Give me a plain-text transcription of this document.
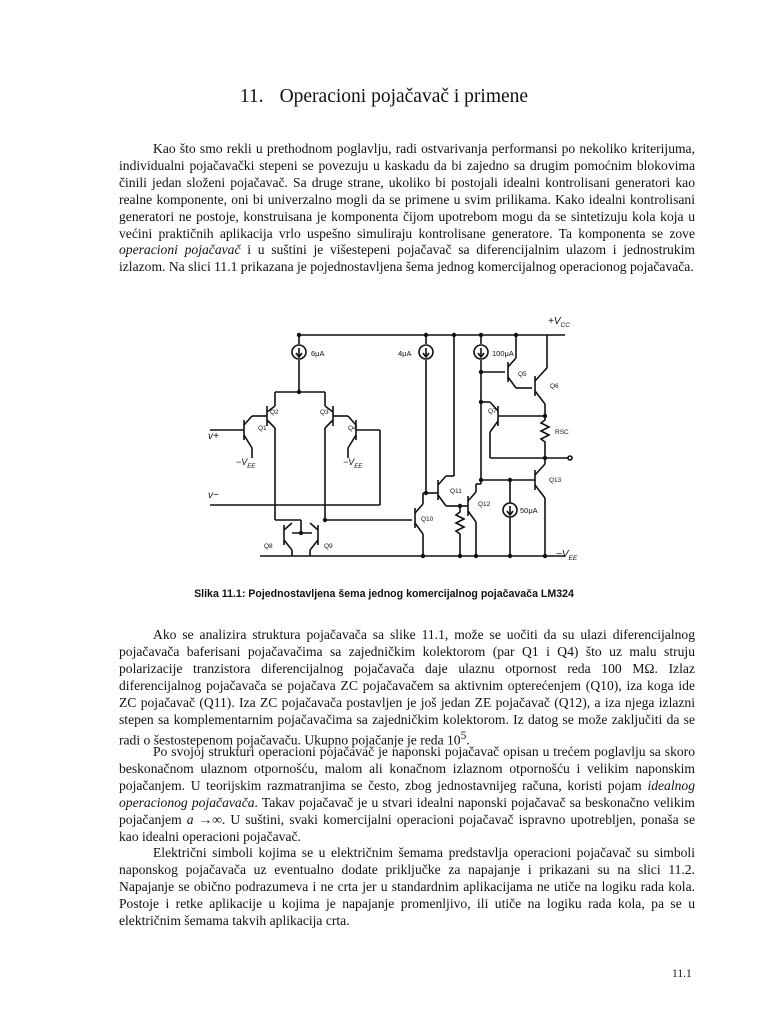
11. Operacioni pojačavač i primene

Kao što smo rekli u prethodnom poglavlju, radi ostvarivanja performansi po nekoliko kriterijuma, individualni pojačavački stepeni se povezuju u kaskadu da bi zajedno sa drugim pomoćnim blokovima činili jedan složeni pojačavač. Sa druge strane, ukoliko bi postojali idealni kontrolisani generatori kao realne komponente, oni bi univerzalno mogli da se primene u svim prilikama. Kako idealni kontrolisani generatori ne postoje, konstruisana je komponenta čijom upotrebom mogu da se sintetizuju kola koja u većini praktičnih aplikacija vrlo uspešno simuliraju kontrolisane generatore. Ta komponenta se zove operacioni pojačavač i u suštini je višestepeni pojačavač sa diferencijalnim ulazom i jednostrukim izlazom. Na slici 11.1 prikazana je pojednostavljena šema jednog komercijalnog operacionog pojačavača.

$+V_{CC}$
$-V_{EE}$
$-V_{EE}$	$-V_{EE}$
v+
v−
6μA	4μA	100μA
50μA
RSC
Q1
Q2	Q3
Q4
Q5
Q6
Q7
Q8	Q9
Q10
Q11
Q12
Q13

Slika 11.1: Pojednostavljena šema jednog komercijalnog pojačavača LM324

Ako se analizira struktura pojačavača sa slike 11.1, može se uočiti da su ulazi diferencijalnog pojačavača baferisani pojačavačima sa zajedničkim kolektorom (par Q1 i Q4) što uz malu struju polarizacije tranzistora diferencijalnog pojačavača daje ulaznu otpornost reda 100 MΩ. Izlaz diferencijalnog pojačavača se pojačava ZC pojačavačem sa aktivnim opterećenjem (Q10), iza koga ide ZC pojačavač (Q11). Iza ZC pojačavača postavljen je još jedan ZE pojačavač (Q12), a iza njega izlazni stepen sa komplementarnim pojačavačima sa zajedničkim kolektorom. Iz datog se može zaključiti da se radi o šestostepenom pojačavaču. Ukupno pojačanje je reda $10^5$.

Po svojoj strukturi operacioni pojačavač je naponski pojačavač opisan u trećem poglavlju sa skoro beskonačnom ulaznom otpornošću, malom ali konačnom izlaznom otpornošću i velikim naponskim pojačanjem. U teorijskim razmatranjima se često, zbog jednostavnijeg računa, koristi pojam idealnog operacionog pojačavača. Takav pojačavač je u stvari idealni naponski pojačavač sa beskonačno velikim pojačanjem a →∞. U suštini, svaki komercijalni operacioni pojačavač ispravno upotrebljen, ponaša se kao idealni operacioni pojačavač.

Električni simboli kojima se u električnim šemama predstavlja operacioni pojačavač su simboli naponskog pojačavača uz eventualno dodate priključke za napajanje i prikazani su na slici 11.2. Napajanje se obično podrazumeva i ne crta jer u standardnim aplikacijama ne utiče na logiku rada kola. Postoje i retke aplikacije u kojima je napajanje promenljivo, ili utiče na logiku rada kola, pa se u električnim šemama takvih aplikacija crta.

11.1
